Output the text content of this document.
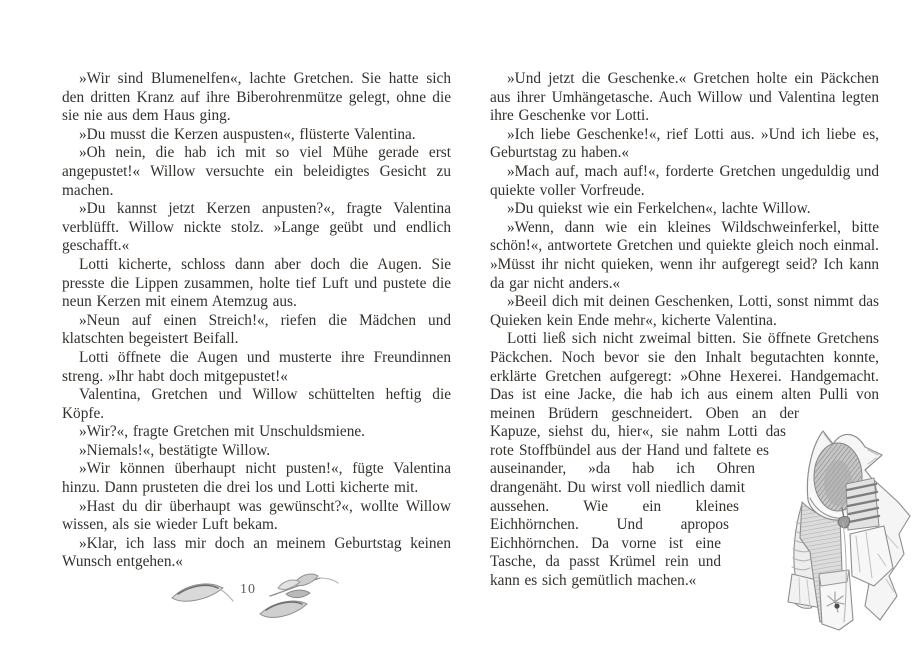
»Wir sind Blumenelfen«, lachte Gretchen. Sie hatte sich den dritten Kranz auf ihre Biberohrenmütze gelegt, ohne die sie nie aus dem Haus ging.

»Du musst die Kerzen auspusten«, flüsterte Valentina.

»Oh nein, die hab ich mit so viel Mühe gerade erst angepustet!« Willow versuchte ein beleidigtes Gesicht zu machen.

»Du kannst jetzt Kerzen anpusten?«, fragte Valentina verblüfft. Willow nickte stolz. »Lange geübt und endlich geschafft.«

Lotti kicherte, schloss dann aber doch die Augen. Sie presste die Lippen zusammen, holte tief Luft und pustete die neun Kerzen mit einem Atemzug aus.

»Neun auf einen Streich!«, riefen die Mädchen und klatschten begeistert Beifall.

Lotti öffnete die Augen und musterte ihre Freundinnen streng. »Ihr habt doch mitgepustet!«

Valentina, Gretchen und Willow schüttelten heftig die Köpfe.

»Wir?«, fragte Gretchen mit Unschuldsmiene.

»Niemals!«, bestätigte Willow.

»Wir können überhaupt nicht pusten!«, fügte Valentina hinzu. Dann prusteten die drei los und Lotti kicherte mit.

»Hast du dir überhaupt was gewünscht?«, wollte Willow wissen, als sie wieder Luft bekam.

»Klar, ich lass mir doch an meinem Geburtstag keinen Wunsch entgehen.«

10

»Und jetzt die Geschenke.« Gretchen holte ein Päckchen aus ihrer Umhängetasche. Auch Willow und Valentina legten ihre Geschenke vor Lotti.

»Ich liebe Geschenke!«, rief Lotti aus. »Und ich liebe es, Geburtstag zu haben.«

»Mach auf, mach auf!«, forderte Gretchen ungeduldig und quiekte voller Vorfreude.

»Du quiekst wie ein Ferkelchen«, lachte Willow.

»Wenn, dann wie ein kleines Wildschweinferkel, bitte schön!«, antwortete Gretchen und quiekte gleich noch einmal. »Müsst ihr nicht quieken, wenn ihr aufgeregt seid? Ich kann da gar nicht anders.«

»Beeil dich mit deinen Geschenken, Lotti, sonst nimmt das Quieken kein Ende mehr«, kicherte Valentina.

Lotti ließ sich nicht zweimal bitten. Sie öffnete Gretchens Päckchen. Noch bevor sie den Inhalt begutachten konnte, erklärte Gretchen aufgeregt: »Ohne Hexerei. Handgemacht. Das ist eine Jacke, die hab ich aus einem alten Pulli von meinen Brüdern geschneidert. Oben an der Kapuze, siehst du, hier«, sie nahm Lotti das rote Stoffbündel aus der Hand und faltete es auseinander, »da hab ich Ohren drangenäht. Du wirst voll niedlich damit aussehen. Wie ein kleines Eichhörnchen. Und apropos Eichhörnchen. Da vorne ist eine Tasche, da passt Krümel rein und kann es sich gemütlich machen.«
